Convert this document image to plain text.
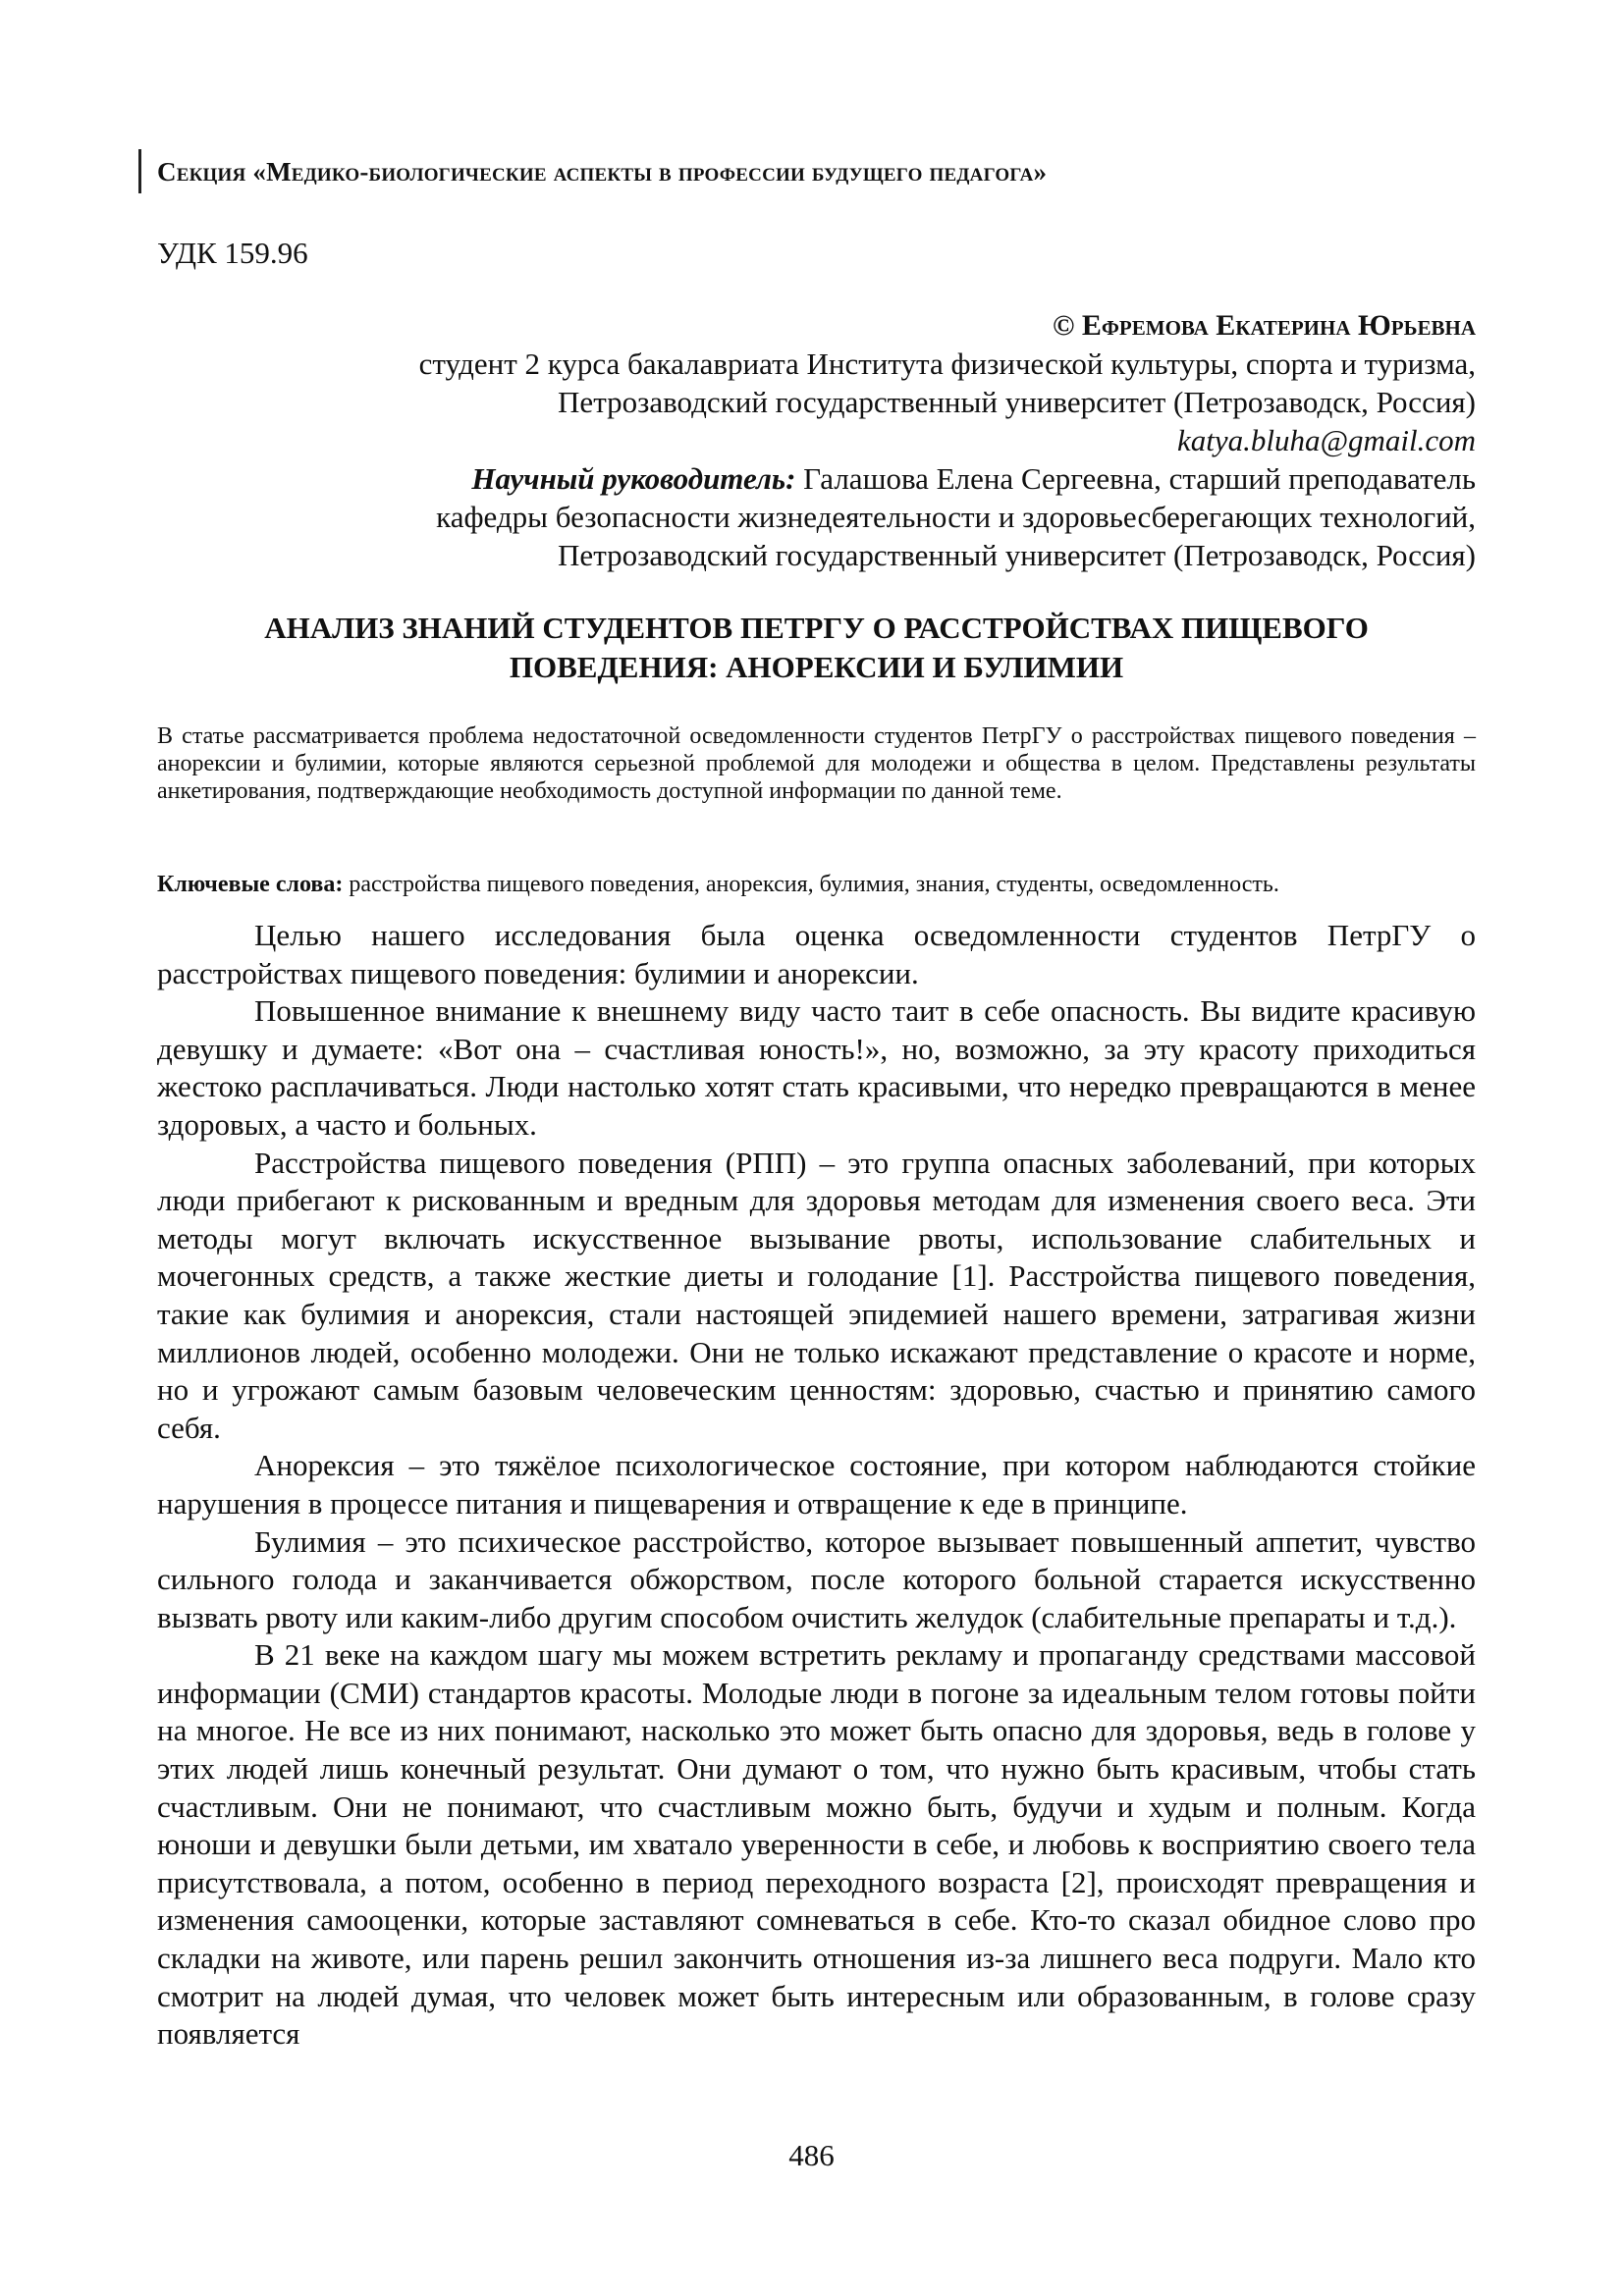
Секция «Медико-биологические аспекты в профессии будущего педагога»
УДК 159.96
© Ефремова Екатерина Юрьевна
студент 2 курса бакалавриата Института физической культуры, спорта и туризма,
Петрозаводский государственный университет (Петрозаводск, Россия)
katya.bluha@gmail.com
Научный руководитель: Галашова Елена Сергеевна, старший преподаватель
кафедры безопасности жизнедеятельности и здоровьесберегающих технологий,
Петрозаводский государственный университет (Петрозаводск, Россия)
АНАЛИЗ ЗНАНИЙ СТУДЕНТОВ ПЕТРГУ О РАССТРОЙСТВАХ ПИЩЕВОГО
ПОВЕДЕНИЯ: АНОРЕКСИИ И БУЛИМИИ
В статье рассматривается проблема недостаточной осведомленности студентов ПетрГУ о расстройствах пищевого поведения – анорексии и булимии, которые являются серьезной проблемой для молодежи и общества в целом. Представлены результаты анкетирования, подтверждающие необходимость доступной информации по данной теме.
Ключевые слова: расстройства пищевого поведения, анорексия, булимия, знания, студенты, осведомленность.

Целью нашего исследования была оценка осведомленности студентов ПетрГУ о расстройствах пищевого поведения: булимии и анорексии.

Повышенное внимание к внешнему виду часто таит в себе опасность. Вы видите красивую девушку и думаете: «Вот она – счастливая юность!», но, возможно, за эту красоту приходиться жестоко расплачиваться. Люди настолько хотят стать красивыми, что нередко превращаются в менее здоровых, а часто и больных.

Расстройства пищевого поведения (РПП) – это группа опасных заболеваний, при которых люди прибегают к рискованным и вредным для здоровья методам для изменения своего веса. Эти методы могут включать искусственное вызывание рвоты, использование слабительных и мочегонных средств, а также жесткие диеты и голодание [1]. Расстройства пищевого поведения, такие как булимия и анорексия, стали настоящей эпидемией нашего времени, затрагивая жизни миллионов людей, особенно молодежи. Они не только искажают представление о красоте и норме, но и угрожают самым базовым человеческим ценностям: здоровью, счастью и принятию самого себя.

Анорексия – это тяжёлое психологическое состояние, при котором наблюдаются стойкие нарушения в процессе питания и пищеварения и отвращение к еде в принципе.

Булимия – это психическое расстройство, которое вызывает повышенный аппетит, чувство сильного голода и заканчивается обжорством, после которого больной старается искусственно вызвать рвоту или каким-либо другим способом очистить желудок (слабительные препараты и т.д.).

В 21 веке на каждом шагу мы можем встретить рекламу и пропаганду средствами массовой информации (СМИ) стандартов красоты. Молодые люди в погоне за идеальным телом готовы пойти на многое. Не все из них понимают, насколько это может быть опасно для здоровья, ведь в голове у этих людей лишь конечный результат. Они думают о том, что нужно быть красивым, чтобы стать счастливым. Они не понимают, что счастливым можно быть, будучи и худым и полным. Когда юноши и девушки были детьми, им хватало уверенности в себе, и любовь к восприятию своего тела присутствовала, а потом, особенно в период переходного возраста [2], происходят превращения и изменения самооценки, которые заставляют сомневаться в себе. Кто-то сказал обидное слово про складки на животе, или парень решил закончить отношения из-за лишнего веса подруги. Мало кто смотрит на людей думая, что человек может быть интересным или образованным, в голове сразу появляется

486
